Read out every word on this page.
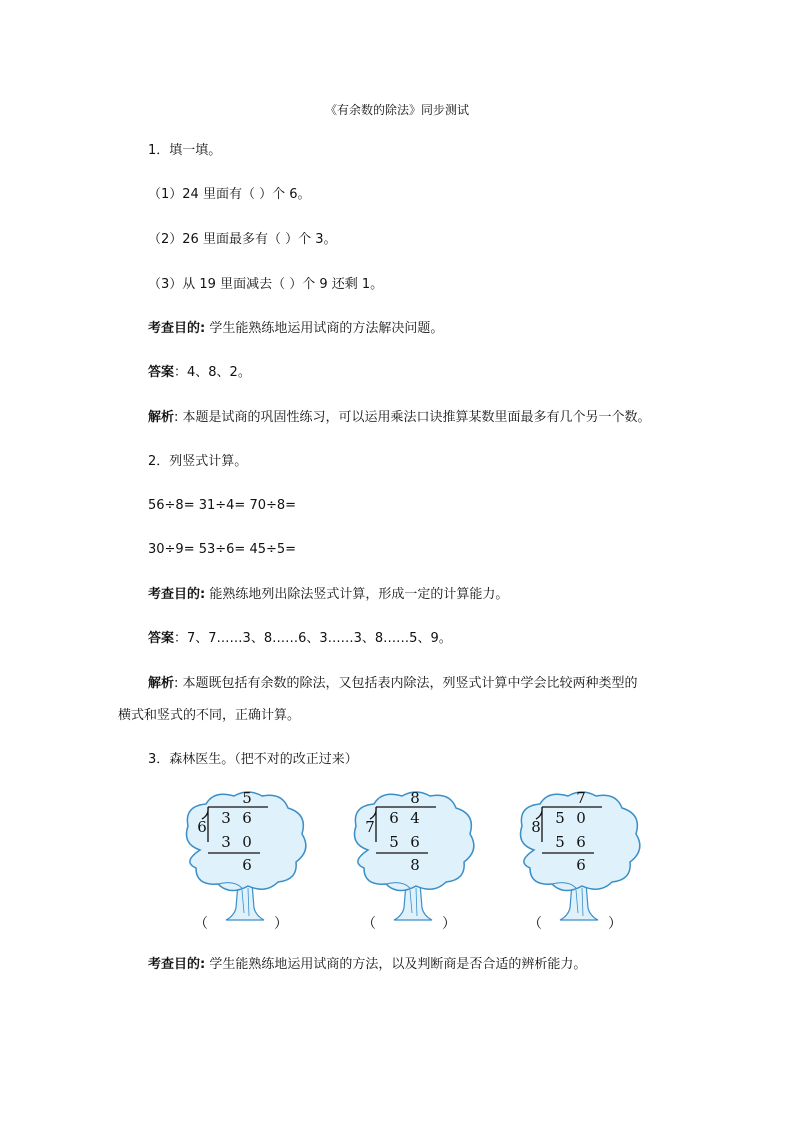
《有余数的除法》同步测试
1．填一填。
（1）24 里面有（ ）个 6。
（2）26 里面最多有（ ）个 3。
（3）从 19 里面减去（ ）个 9 还剩 1。
考查目的: 学生能熟练地运用试商的方法解决问题。
答案：4、8、2。
解析: 本题是试商的巩固性练习，可以运用乘法口诀推算某数里面最多有几个另一个数。
2．列竖式计算。
56÷8= 31÷4= 70÷8=
30÷9= 53÷6= 45÷5=
考查目的: 能熟练地列出除法竖式计算，形成一定的计算能力。
答案：7、7……3、8……6、3……3、8……5、9。
解析: 本题既包括有余数的除法，又包括表内除法，列竖式计算中学会比较两种类型的
横式和竖式的不同，正确计算。
3．森林医生。（把不对的改正过来）
5
6 3 6
3 0
6
（	）
8
7 6 4
5 6
8
（	）
7
8 5 0
5 6
6
（	）
考查目的: 学生能熟练地运用试商的方法，以及判断商是否合适的辨析能力。
